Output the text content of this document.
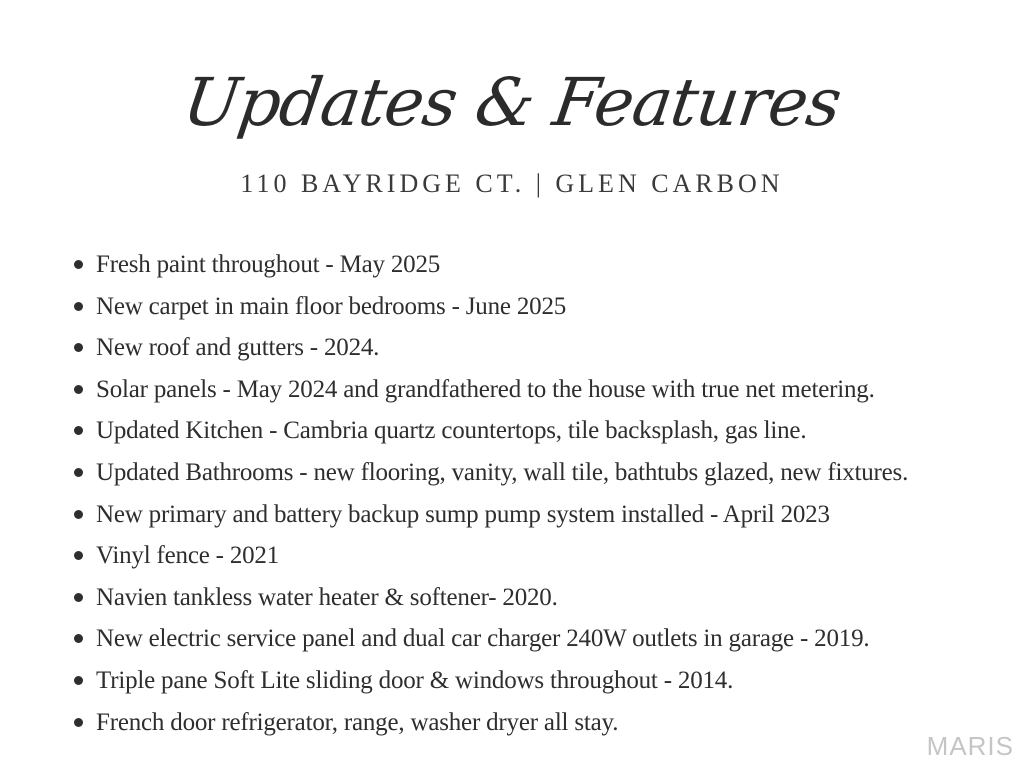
Updates & Features
110 BAYRIDGE CT. | GLEN CARBON
Fresh paint throughout - May 2025
New carpet in main floor bedrooms - June 2025
New roof and gutters - 2024.
Solar panels - May 2024 and grandfathered to the house with true net metering.
Updated Kitchen - Cambria quartz countertops, tile backsplash, gas line.
Updated Bathrooms - new flooring, vanity, wall tile, bathtubs glazed, new fixtures.
New primary and battery backup sump pump system installed - April 2023
Vinyl fence - 2021
Navien tankless water heater & softener- 2020.
New electric service panel and dual car charger 240W outlets in garage - 2019.
Triple pane Soft Lite sliding door & windows throughout - 2014.
French door refrigerator, range, washer dryer all stay.
MARIS
